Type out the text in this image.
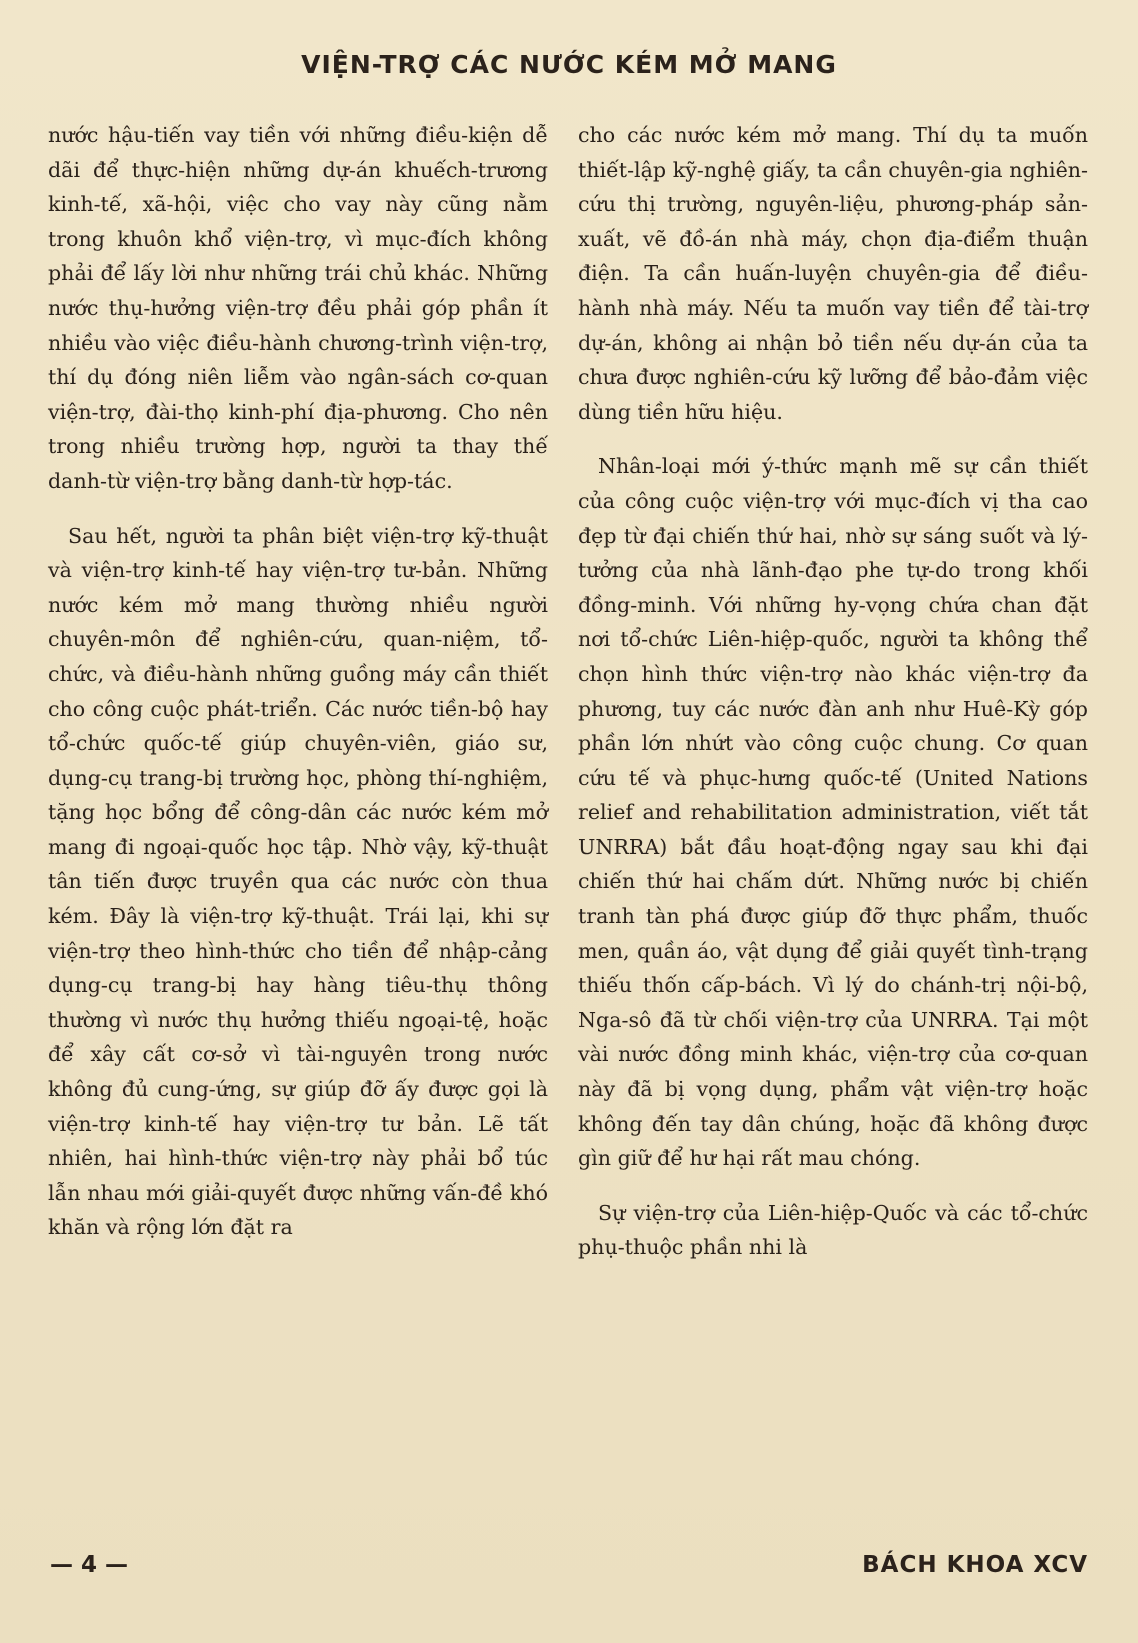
VIỆN-TRỢ CÁC NƯỚC KÉM MỞ MANG

nước hậu-tiến vay tiền với những điều-kiện dễ dãi để thực-hiện những dự-án khuếch-trương kinh-tế, xã-hội, việc cho vay này cũng nằm trong khuôn khổ viện-trợ, vì mục-đích không phải để lấy lời như những trái chủ khác. Những nước thụ-hưởng viện-trợ đều phải góp phần ít nhiều vào việc điều-hành chương-trình viện-trợ, thí dụ đóng niên liễm vào ngân-sách cơ-quan viện-trợ, đài-thọ kinh-phí địa-phương. Cho nên trong nhiều trường hợp, người ta thay thế danh-từ viện-trợ bằng danh-từ hợp-tác.

Sau hết, người ta phân biệt viện-trợ kỹ-thuật và viện-trợ kinh-tế hay viện-trợ tư-bản. Những nước kém mở mang thường nhiều người chuyên-môn để nghiên-cứu, quan-niệm, tổ-chức, và điều-hành những guồng máy cần thiết cho công cuộc phát-triển. Các nước tiền-bộ hay tổ-chức quốc-tế giúp chuyên-viên, giáo sư, dụng-cụ trang-bị trường học, phòng thí-nghiệm, tặng học bổng để công-dân các nước kém mở mang đi ngoại-quốc học tập. Nhờ vậy, kỹ-thuật tân tiến được truyền qua các nước còn thua kém. Đây là viện-trợ kỹ-thuật. Trái lại, khi sự viện-trợ theo hình-thức cho tiền để nhập-cảng dụng-cụ trang-bị hay hàng tiêu-thụ thông thường vì nước thụ hưởng thiếu ngoại-tệ, hoặc để xây cất cơ-sở vì tài-nguyên trong nước không đủ cung-ứng, sự giúp đỡ ấy được gọi là viện-trợ kinh-tế hay viện-trợ tư bản. Lẽ tất nhiên, hai hình-thức viện-trợ này phải bổ túc lẫn nhau mới giải-quyết được những vấn-đề khó khăn và rộng lớn đặt ra

cho các nước kém mở mang. Thí dụ ta muốn thiết-lập kỹ-nghệ giấy, ta cần chuyên-gia nghiên-cứu thị trường, nguyên-liệu, phương-pháp sản-xuất, vẽ đồ-án nhà máy, chọn địa-điểm thuận điện. Ta cần huấn-luyện chuyên-gia để điều-hành nhà máy. Nếu ta muốn vay tiền để tài-trợ dự-án, không ai nhận bỏ tiền nếu dự-án của ta chưa được nghiên-cứu kỹ lưỡng để bảo-đảm việc dùng tiền hữu hiệu.

Nhân-loại mới ý-thức mạnh mẽ sự cần thiết của công cuộc viện-trợ với mục-đích vị tha cao đẹp từ đại chiến thứ hai, nhờ sự sáng suốt và lý-tưởng của nhà lãnh-đạo phe tự-do trong khối đồng-minh. Với những hy-vọng chứa chan đặt nơi tổ-chức Liên-hiệp-quốc, người ta không thể chọn hình thức viện-trợ nào khác viện-trợ đa phương, tuy các nước đàn anh như Huê-Kỳ góp phần lớn nhứt vào công cuộc chung. Cơ quan cứu tế và phục-hưng quốc-tế (United Nations relief and rehabilitation administration, viết tắt UNRRA) bắt đầu hoạt-động ngay sau khi đại chiến thứ hai chấm dứt. Những nước bị chiến tranh tàn phá được giúp đỡ thực phẩm, thuốc men, quần áo, vật dụng để giải quyết tình-trạng thiếu thốn cấp-bách. Vì lý do chánh-trị nội-bộ, Nga-sô đã từ chối viện-trợ của UNRRA. Tại một vài nước đồng minh khác, viện-trợ của cơ-quan này đã bị vọng dụng, phẩm vật viện-trợ hoặc không đến tay dân chúng, hoặc đã không được gìn giữ để hư hại rất mau chóng.

Sự viện-trợ của Liên-hiệp-Quốc và các tổ-chức phụ-thuộc phần nhi là

— 4 —	BÁCH KHOA XCV
